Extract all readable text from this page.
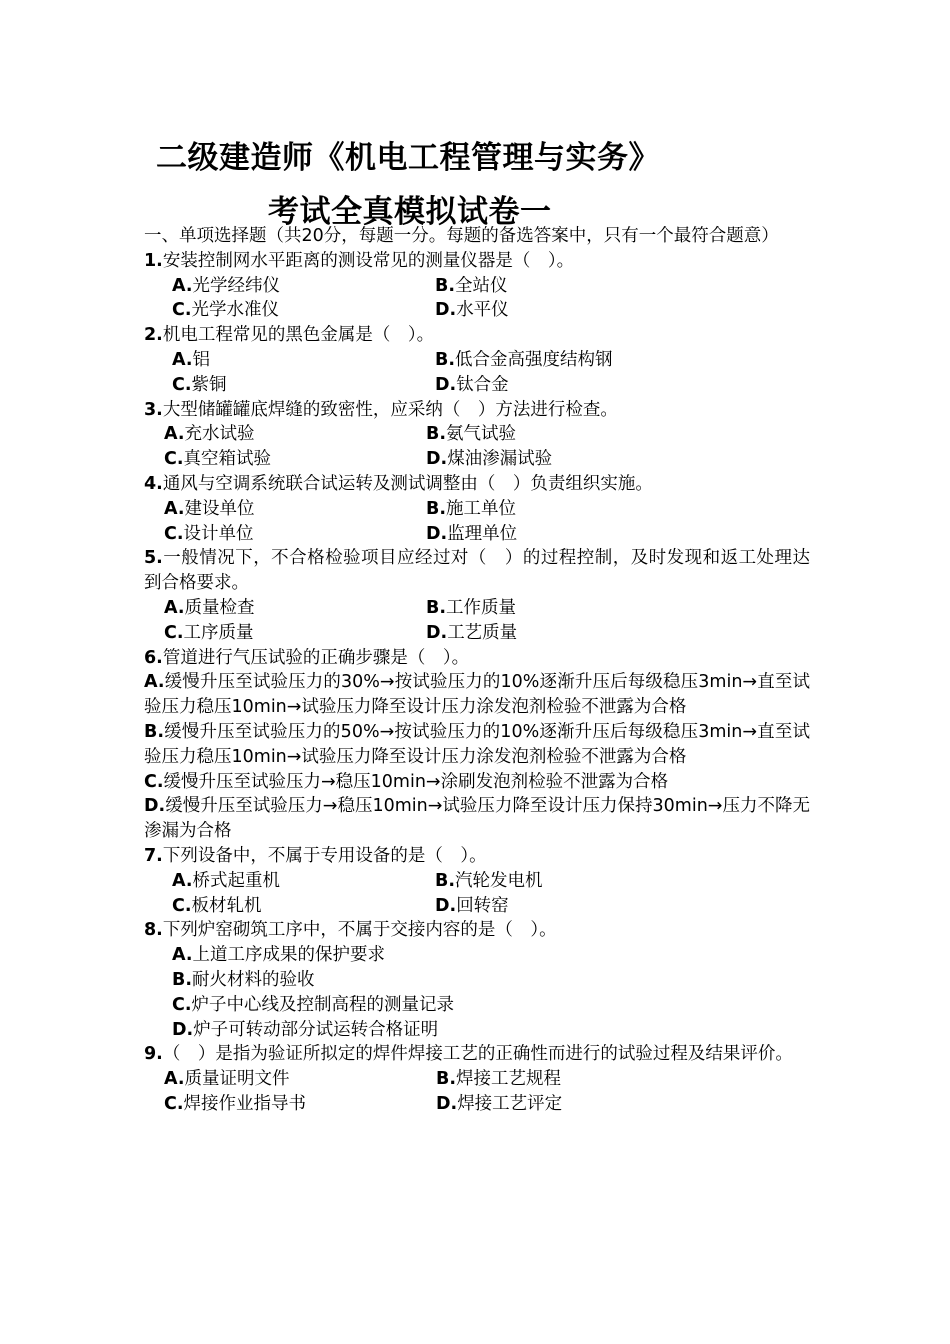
二级建造师《机电工程管理与实务》
考试全真模拟试卷一
一、单项选择题（共20分，每题一分。每题的备选答案中，只有一个最符合题意）
1.安装控制网水平距离的测设常见的测量仪器是（　）。
A.光学经纬仪	B.全站仪
C.光学水准仪	D.水平仪
2.机电工程常见的黑色金属是（　）。
A.铝	B.低合金高强度结构钢
C.紫铜	D.钛合金
3.大型储罐罐底焊缝的致密性，应采纳（　）方法进行检查。
A.充水试验	B.氨气试验
C.真空箱试验	D.煤油渗漏试验
4.通风与空调系统联合试运转及测试调整由（　）负责组织实施。
A.建设单位	B.施工单位
C.设计单位	D.监理单位
5.一般情况下，不合格检验项目应经过对（　）的过程控制，及时发现和返工处理达到合格要求。
A.质量检查	B.工作质量
C.工序质量	D.工艺质量
6.管道进行气压试验的正确步骤是（　）。
A.缓慢升压至试验压力的30%→按试验压力的10%逐渐升压后每级稳压3min→直至试验压力稳压10min→试验压力降至设计压力涂发泡剂检验不泄露为合格
B.缓慢升压至试验压力的50%→按试验压力的10%逐渐升压后每级稳压3min→直至试验压力稳压10min→试验压力降至设计压力涂发泡剂检验不泄露为合格
C.缓慢升压至试验压力→稳压10min→涂刷发泡剂检验不泄露为合格
D.缓慢升压至试验压力→稳压10min→试验压力降至设计压力保持30min→压力不降无渗漏为合格
7.下列设备中，不属于专用设备的是（　）。
A.桥式起重机	B.汽轮发电机
C.板材轧机	D.回转窑
8.下列炉窑砌筑工序中，不属于交接内容的是（　）。
A.上道工序成果的保护要求
B.耐火材料的验收
C.炉子中心线及控制高程的测量记录
D.炉子可转动部分试运转合格证明
9.（　）是指为验证所拟定的焊件焊接工艺的正确性而进行的试验过程及结果评价。
A.质量证明文件	B.焊接工艺规程
C.焊接作业指导书	D.焊接工艺评定
